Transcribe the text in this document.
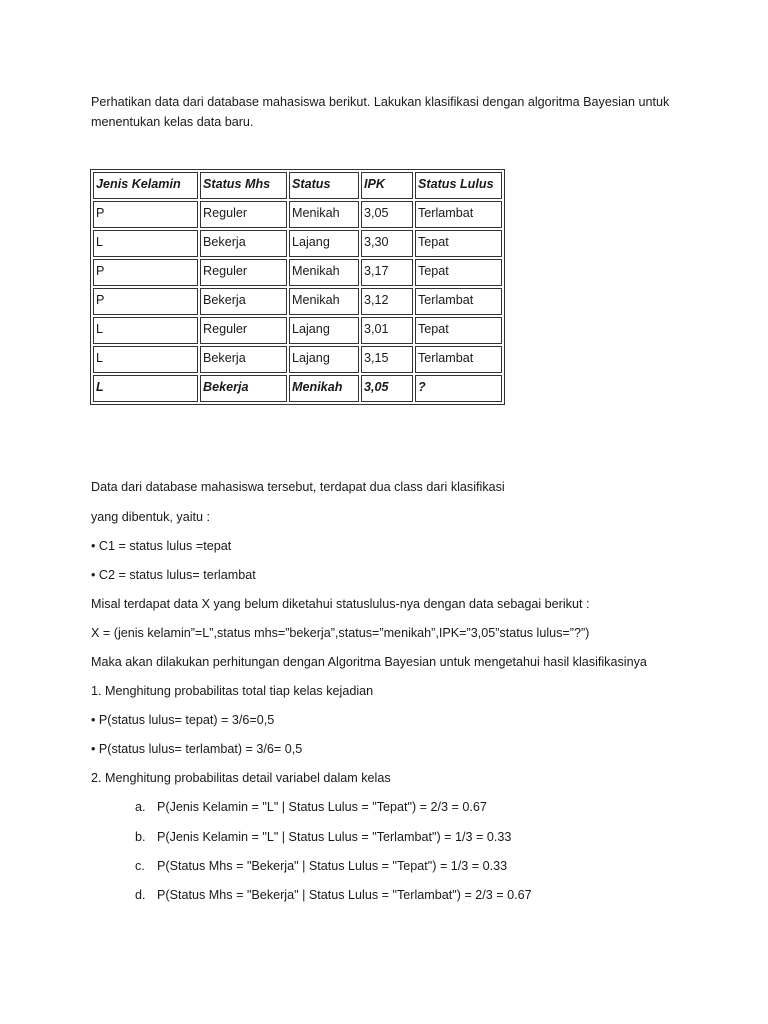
Perhatikan data dari database mahasiswa berikut. Lakukan klasifikasi dengan algoritma Bayesian untuk
menentukan kelas data baru.

Jenis Kelamin	Status Mhs	Status	IPK	Status Lulus
P	Reguler	Menikah	3,05	Terlambat
L	Bekerja	Lajang	3,30	Tepat
P	Reguler	Menikah	3,17	Tepat
P	Bekerja	Menikah	3,12	Terlambat
L	Reguler	Lajang	3,01	Tepat
L	Bekerja	Lajang	3,15	Terlambat
L	Bekerja	Menikah	3,05	?

Data dari database mahasiswa tersebut, terdapat dua class dari klasifikasi

yang dibentuk, yaitu :

• C1 = status lulus =tepat

• C2 = status lulus= terlambat

Misal terdapat data X yang belum diketahui statuslulus-nya dengan data sebagai berikut :

X = (jenis kelamin”=L”,status mhs=”bekerja”,status=”menikah”,IPK=”3,05”status lulus=”?”)

Maka akan dilakukan perhitungan dengan Algoritma Bayesian untuk mengetahui hasil klasifikasinya

1. Menghitung probabilitas total tiap kelas kejadian

• P(status lulus= tepat) = 3/6=0,5

• P(status lulus= terlambat) = 3/6= 0,5

2. Menghitung probabilitas detail variabel dalam kelas

a. P(Jenis Kelamin = "L" | Status Lulus = "Tepat") = 2/3 = 0.67
b. P(Jenis Kelamin = "L" | Status Lulus = "Terlambat") = 1/3 = 0.33
c. P(Status Mhs = "Bekerja" | Status Lulus = "Tepat") = 1/3 = 0.33
d. P(Status Mhs = "Bekerja" | Status Lulus = "Terlambat") = 2/3 = 0.67
